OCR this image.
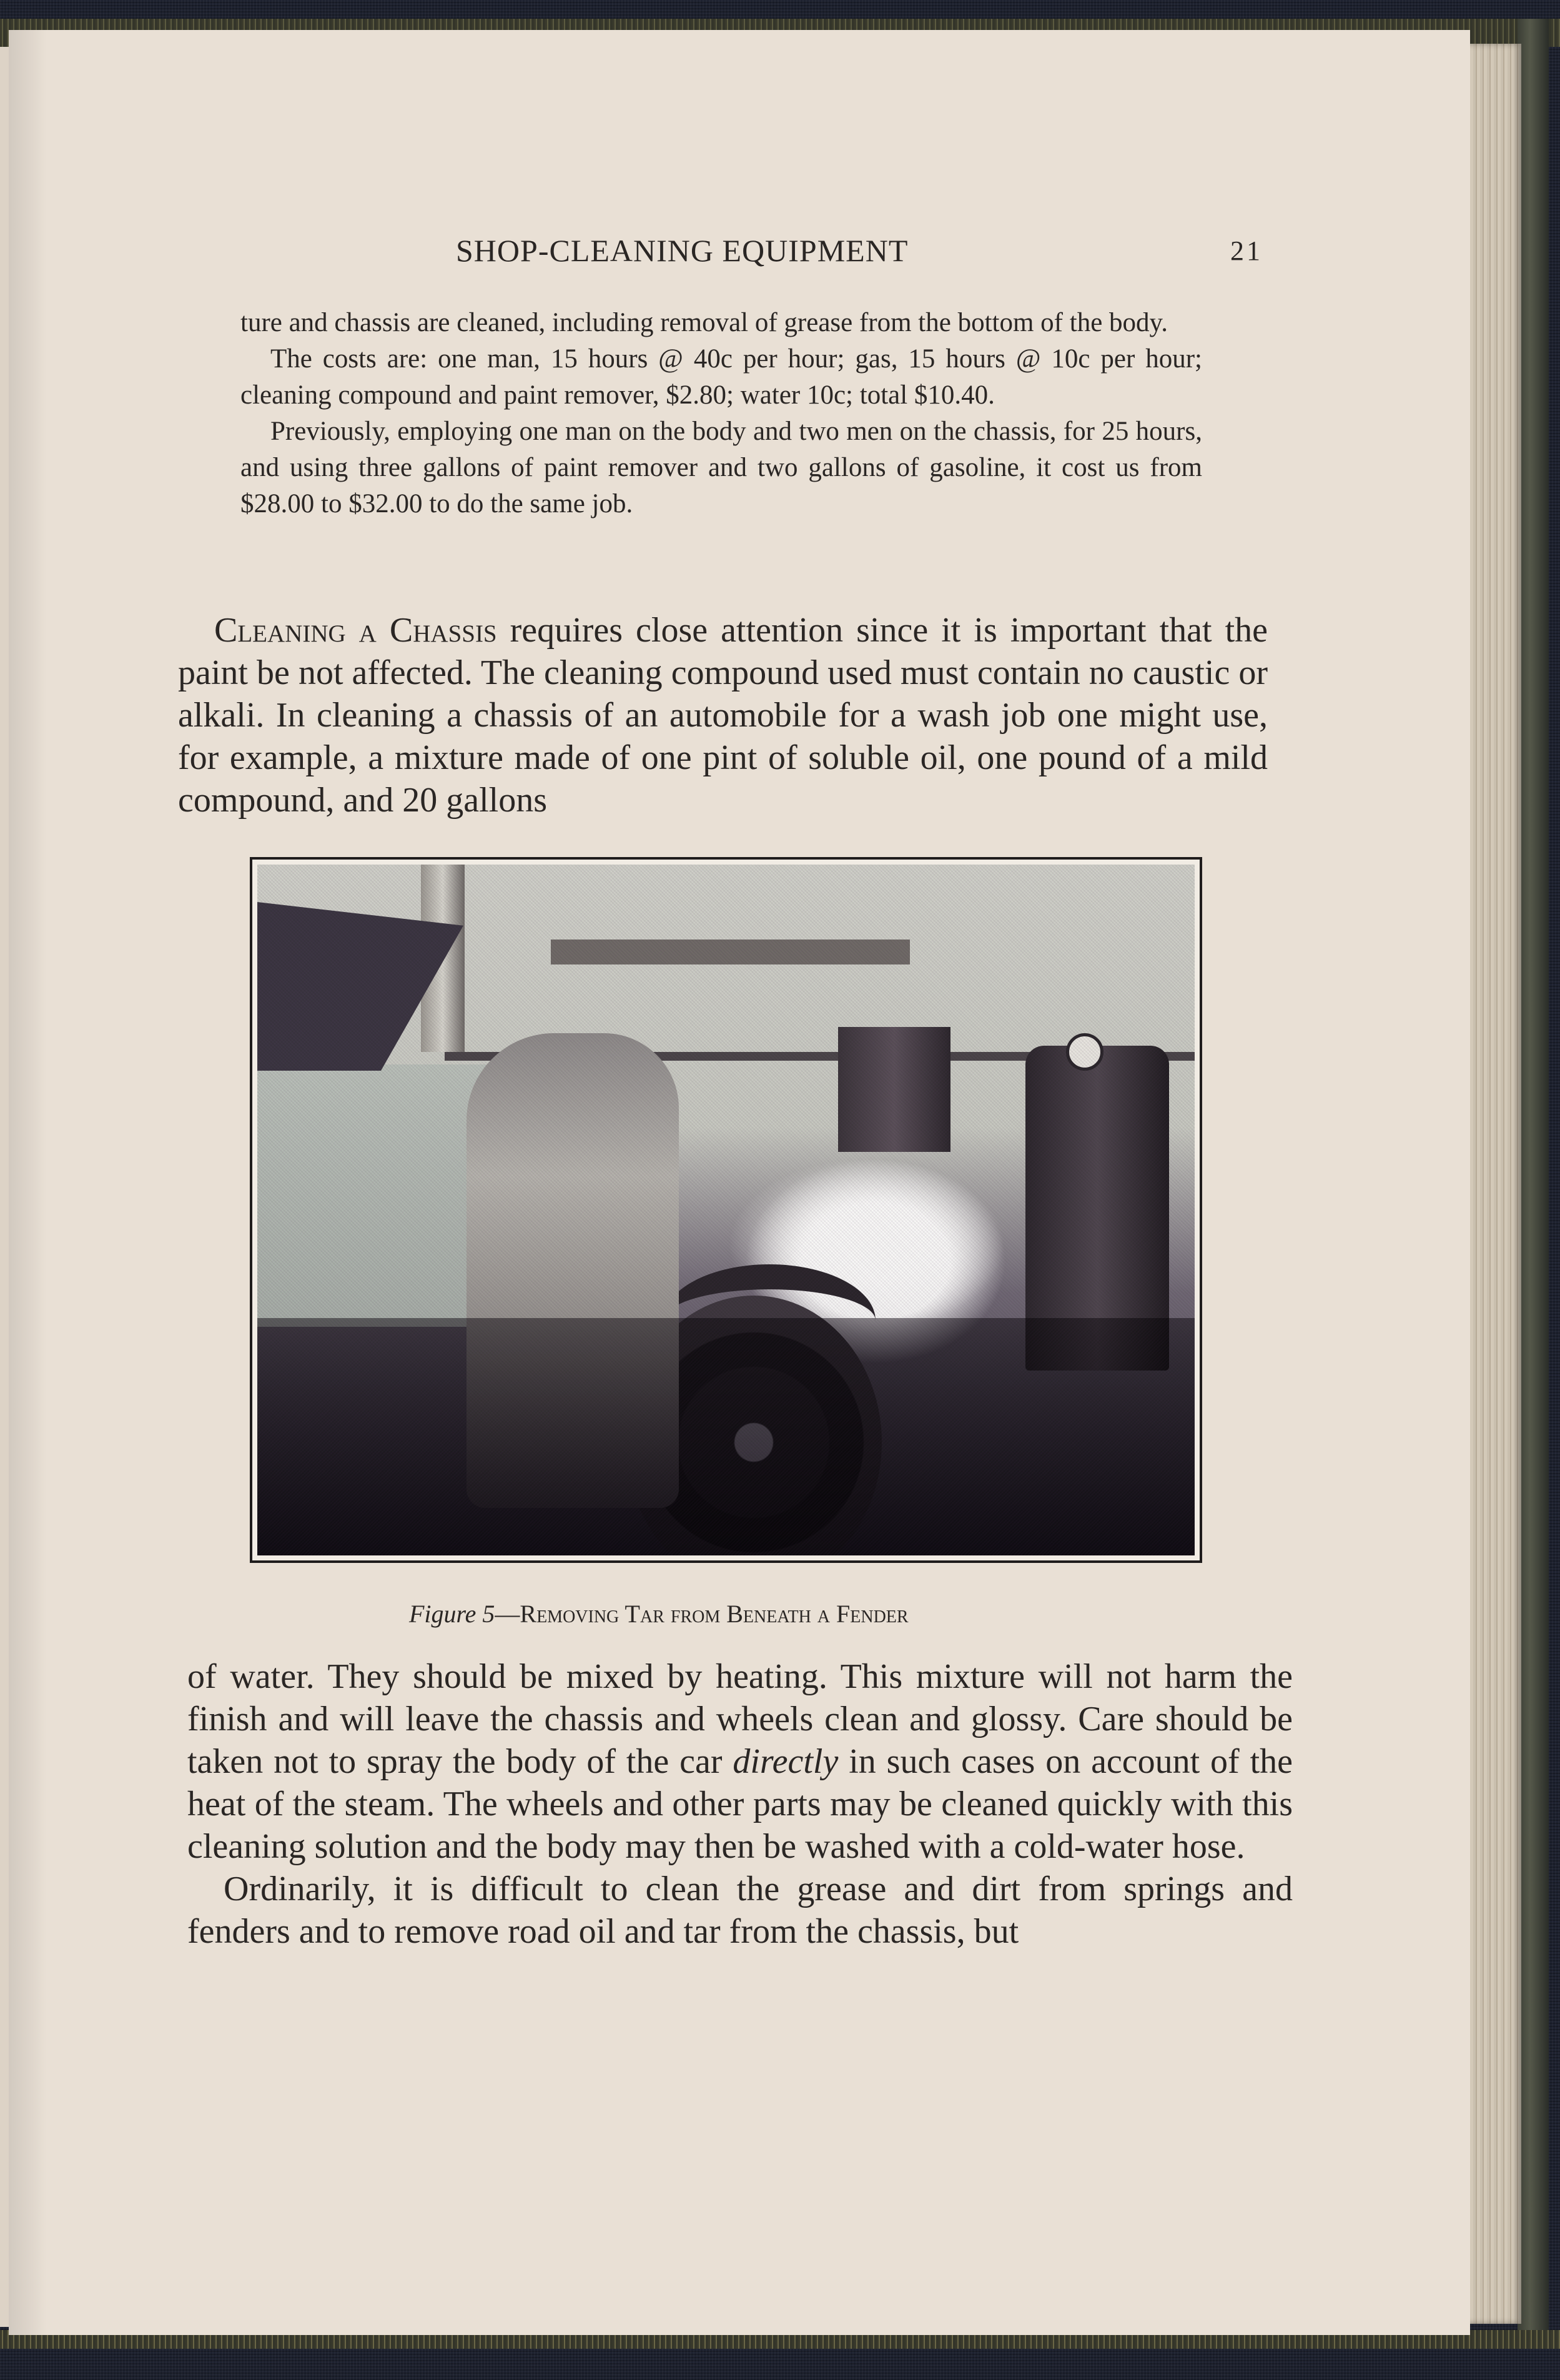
SHOP-CLEANING EQUIPMENT	21

ture and chassis are cleaned, including removal of grease from the bottom of the body.

The costs are: one man, 15 hours @ 40c per hour; gas, 15 hours @ 10c per hour; cleaning compound and paint remover, $2.80; water 10c; total $10.40.

Previously, employing one man on the body and two men on the chassis, for 25 hours, and using three gallons of paint remover and two gallons of gasoline, it cost us from $28.00 to $32.00 to do the same job.

Cleaning a Chassis requires close attention since it is important that the paint be not affected. The cleaning compound used must contain no caustic or alkali. In cleaning a chassis of an automobile for a wash job one might use, for example, a mixture made of one pint of soluble oil, one pound of a mild compound, and 20 gallons

Figure 5—Removing Tar from Beneath a Fender

of water. They should be mixed by heating. This mixture will not harm the finish and will leave the chassis and wheels clean and glossy. Care should be taken not to spray the body of the car directly in such cases on account of the heat of the steam. The wheels and other parts may be cleaned quickly with this cleaning solution and the body may then be washed with a cold-water hose.

Ordinarily, it is difficult to clean the grease and dirt from springs and fenders and to remove road oil and tar from the chassis, but
